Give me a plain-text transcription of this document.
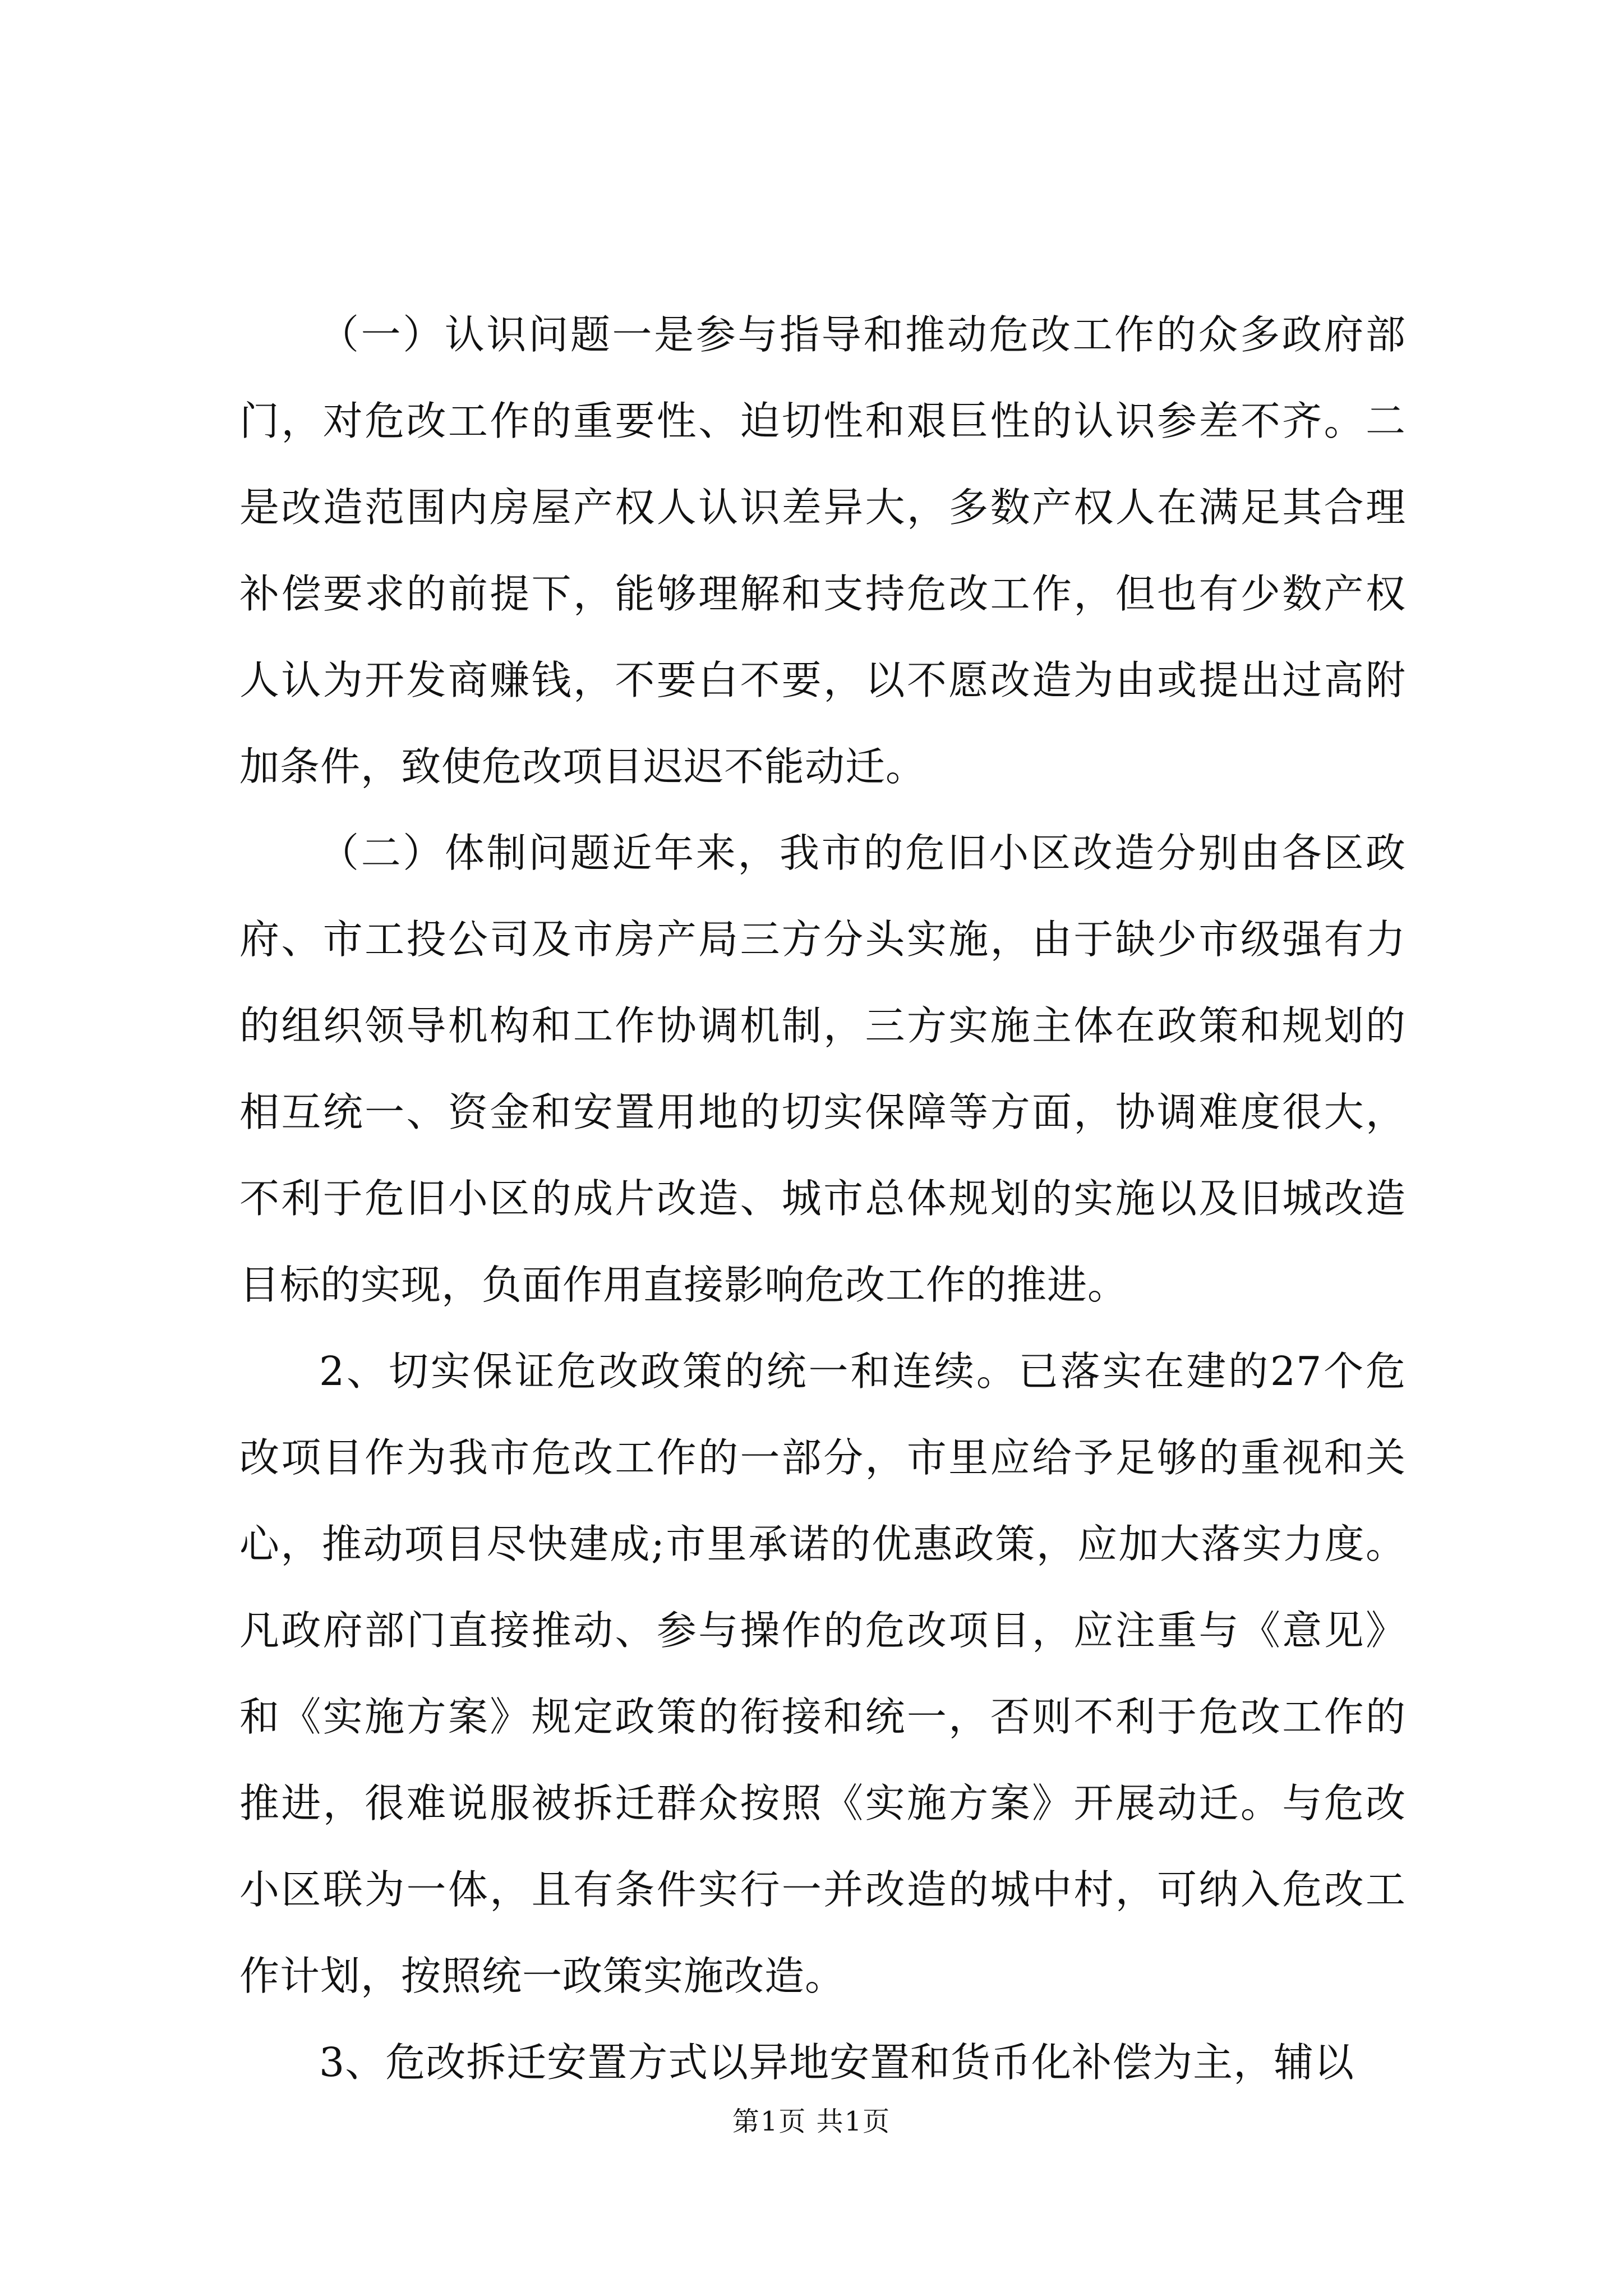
（一）认识问题一是参与指导和推动危改工作的众多政府部门，对危改工作的重要性、迫切性和艰巨性的认识参差不齐。二是改造范围内房屋产权人认识差异大，多数产权人在满足其合理补偿要求的前提下，能够理解和支持危改工作，但也有少数产权人认为开发商赚钱，不要白不要，以不愿改造为由或提出过高附加条件，致使危改项目迟迟不能动迁。

（二）体制问题近年来，我市的危旧小区改造分别由各区政府、市工投公司及市房产局三方分头实施，由于缺少市级强有力的组织领导机构和工作协调机制，三方实施主体在政策和规划的相互统一、资金和安置用地的切实保障等方面，协调难度很大，不利于危旧小区的成片改造、城市总体规划的实施以及旧城改造目标的实现，负面作用直接影响危改工作的推进。

2、切实保证危改政策的统一和连续。已落实在建的27个危改项目作为我市危改工作的一部分，市里应给予足够的重视和关心，推动项目尽快建成;市里承诺的优惠政策，应加大落实力度。凡政府部门直接推动、参与操作的危改项目，应注重与《意见》和《实施方案》规定政策的衔接和统一，否则不利于危改工作的推进，很难说服被拆迁群众按照《实施方案》开展动迁。与危改小区联为一体，且有条件实行一并改造的城中村，可纳入危改工作计划，按照统一政策实施改造。

3、危改拆迁安置方式以异地安置和货币化补偿为主，辅以

第1页 共1页
